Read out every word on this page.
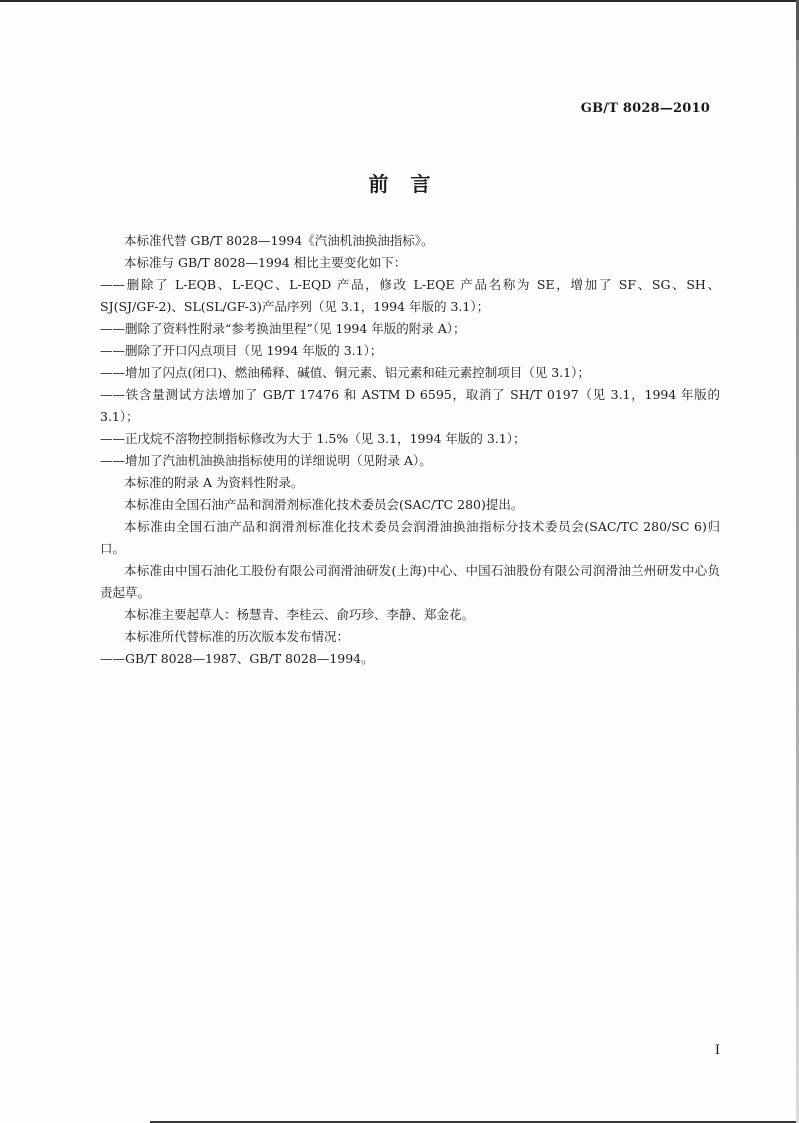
GB/T 8028—2010
前言

本标准代替 GB/T 8028—1994《汽油机油换油指标》。

本标准与 GB/T 8028—1994 相比主要变化如下：

——删除了 L-EQB、L-EQC、L-EQD 产品，修改 L-EQE 产品名称为 SE，增加了 SF、SG、SH、SJ(SJ/GF-2)、SL(SL/GF-3)产品序列（见 3.1，1994 年版的 3.1）；

——删除了资料性附录“参考换油里程”（见 1994 年版的附录 A）；

——删除了开口闪点项目（见 1994 年版的 3.1）；

——增加了闪点(闭口)、燃油稀释、碱值、铜元素、铝元素和硅元素控制项目（见 3.1）；

——铁含量测试方法增加了 GB/T 17476 和 ASTM D 6595，取消了 SH/T 0197（见 3.1，1994 年版的 3.1）；

——正戊烷不溶物控制指标修改为大于 1.5%（见 3.1，1994 年版的 3.1）；

——增加了汽油机油换油指标使用的详细说明（见附录 A）。

本标准的附录 A 为资料性附录。

本标准由全国石油产品和润滑剂标准化技术委员会(SAC/TC 280)提出。

本标准由全国石油产品和润滑剂标准化技术委员会润滑油换油指标分技术委员会(SAC/TC 280/SC 6)归口。

本标准由中国石油化工股份有限公司润滑油研发(上海)中心、中国石油股份有限公司润滑油兰州研发中心负责起草。

本标准主要起草人：杨慧青、李桂云、俞巧珍、李静、郑金花。

本标准所代替标准的历次版本发布情况：

——GB/T 8028—1987、GB/T 8028—1994。

I
